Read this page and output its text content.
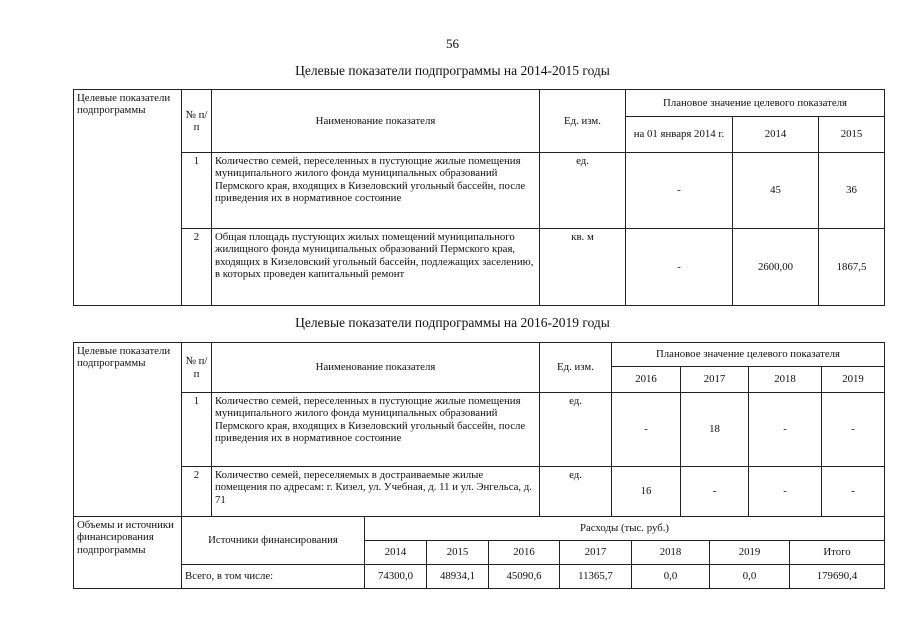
56
Целевые показатели подпрограммы на 2014-2015 годы
Целевые показатели подпрограммы	№ п/п	Наименование показателя	Ед. изм.	Плановое значение целевого показателя		
				на 01 января 2014 г.	2014	2015
	1	Количество семей, переселенных в пустующие жилые помещения муниципального жилого фонда муниципальных образований Пермского края, входящих в Кизеловский угольный бассейн, после приведения их в нормативное состояние	ед.	-	45	36
	2	Общая площадь пустующих жилых помещений муниципального жилищного фонда муниципальных образований Пермского края, входящих в Кизеловский угольный бассейн, подлежащих заселению, в которых проведен капитальный ремонт	кв. м	-	2600,00	1867,5
Целевые показатели подпрограммы на 2016-2019 годы
Целевые показатели подпрограммы	№ п/п	Наименование показателя	Ед. изм.	Плановое значение целевого показателя			
				2016	2017	2018	2019
	1	Количество семей, переселенных в пустующие жилые помещения муниципального жилого фонда муниципальных образований Пермского края, входящих в Кизеловский угольный бассейн, после приведения их в нормативное состояние	ед.	-	18	-	-
	2	Количество семей, переселяемых в достраиваемые жилые помещения по адресам: г. Кизел, ул. Учебная, д. 11 и ул. Энгельса, д. 71	ед.	16	-	-	-
Объемы и источники финансирования подпрограммы	Источники финансирования	Расходы (тыс. руб.)						
		2014	2015	2016	2017	2018	2019	Итого
	Всего, в том числе:	74300,0	48934,1	45090,6	11365,7	0,0	0,0	179690,4
